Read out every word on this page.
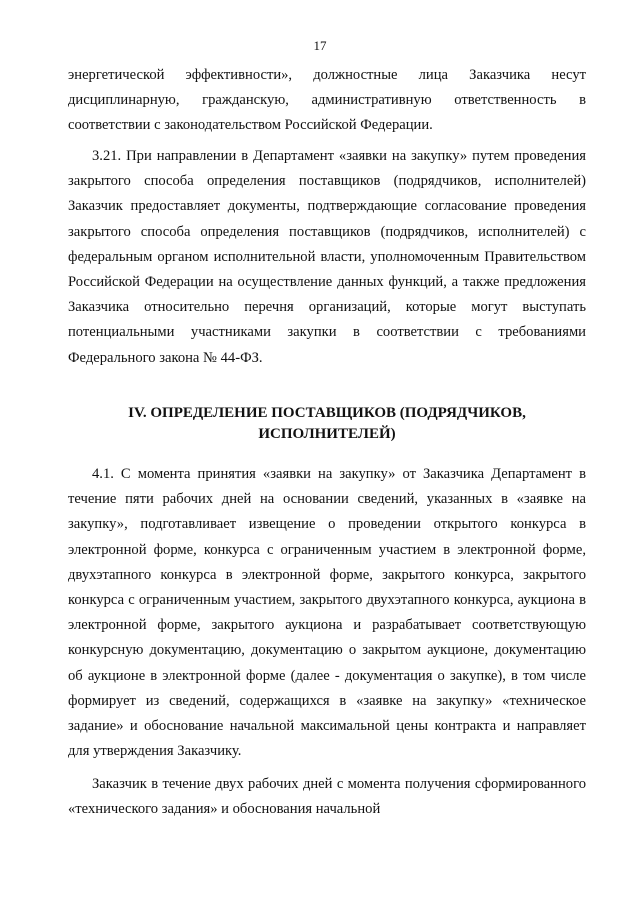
17

энергетической эффективности», должностные лица Заказчика несут дисциплинарную, гражданскую, административную ответственность в соответствии с законодательством Российской Федерации.

3.21. При направлении в Департамент «заявки на закупку» путем проведения закрытого способа определения поставщиков (подрядчиков, исполнителей) Заказчик предоставляет документы, подтверждающие согласование проведения закрытого способа определения поставщиков (подрядчиков, исполнителей) с федеральным органом исполнительной власти, уполномоченным Правительством Российской Федерации на осуществление данных функций, а также предложения Заказчика относительно перечня организаций, которые могут выступать потенциальными участниками закупки в соответствии с требованиями Федерального закона № 44-ФЗ.

IV. ОПРЕДЕЛЕНИЕ ПОСТАВЩИКОВ (ПОДРЯДЧИКОВ,
ИСПОЛНИТЕЛЕЙ)

4.1. С момента принятия «заявки на закупку» от Заказчика Департамент в течение пяти рабочих дней на основании сведений, указанных в «заявке на закупку», подготавливает извещение о проведении открытого конкурса в электронной форме, конкурса с ограниченным участием в электронной форме, двухэтапного конкурса в электронной форме, закрытого конкурса, закрытого конкурса с ограниченным участием, закрытого двухэтапного конкурса, аукциона в электронной форме, закрытого аукциона и разрабатывает соответствующую конкурсную документацию, документацию о закрытом аукционе, документацию об аукционе в электронной форме (далее - документация о закупке), в том числе формирует из сведений, содержащихся в «заявке на закупку» «техническое задание» и обоснование начальной максимальной цены контракта и направляет для утверждения Заказчику.

Заказчик в течение двух рабочих дней с момента получения сформированного «технического задания» и обоснования начальной
